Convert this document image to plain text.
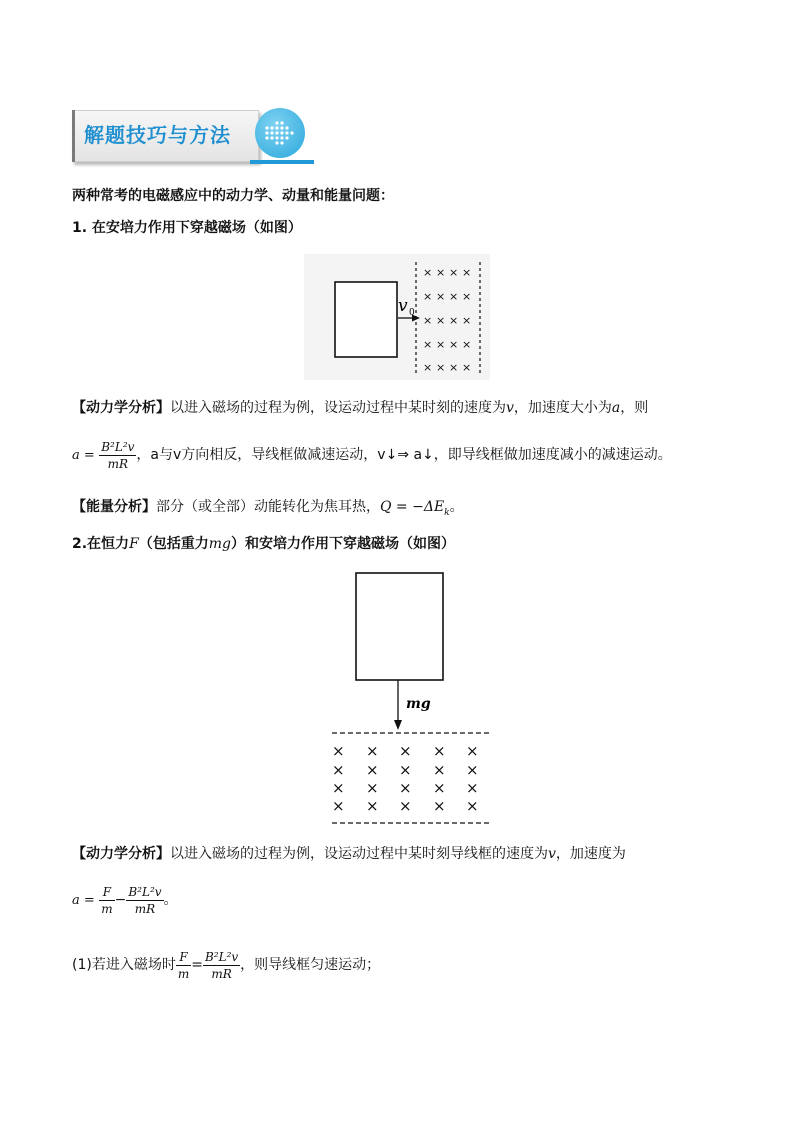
解题技巧与方法
两种常考的电磁感应中的动力学、动量和能量问题：
1. 在安培力作用下穿越磁场（如图）
v 0
× × × ×
× × × ×
× × × ×
× × × ×
× × × ×
【动力学分析】以进入磁场的过程为例，设运动过程中某时刻的速度为v，加速度大小为a，则
$a = \frac{\text{B²L²v}}{mR}$ ，a与v方向相反，导线框做减速运动，v↓⇒ a↓，即导线框做加速度减小的减速运动。
【能量分析】部分（或全部）动能转化为焦耳热，$Q = -\Delta E_k$。
2.在恒力F（包括重力mg）和安培力作用下穿越磁场（如图）
mg
× × × × ×
× × × × ×
× × × × ×
× × × × ×
【动力学分析】以进入磁场的过程为例，设运动过程中某时刻导线框的速度为v，加速度为
$a = \frac{F}{m} - \frac{\text{B²L²v}}{mR}$ 。
(1)若进入磁场时 $\frac{F}{m} = \frac{\text{B²L²v}}{mR}$ ，则导线框匀速运动；
